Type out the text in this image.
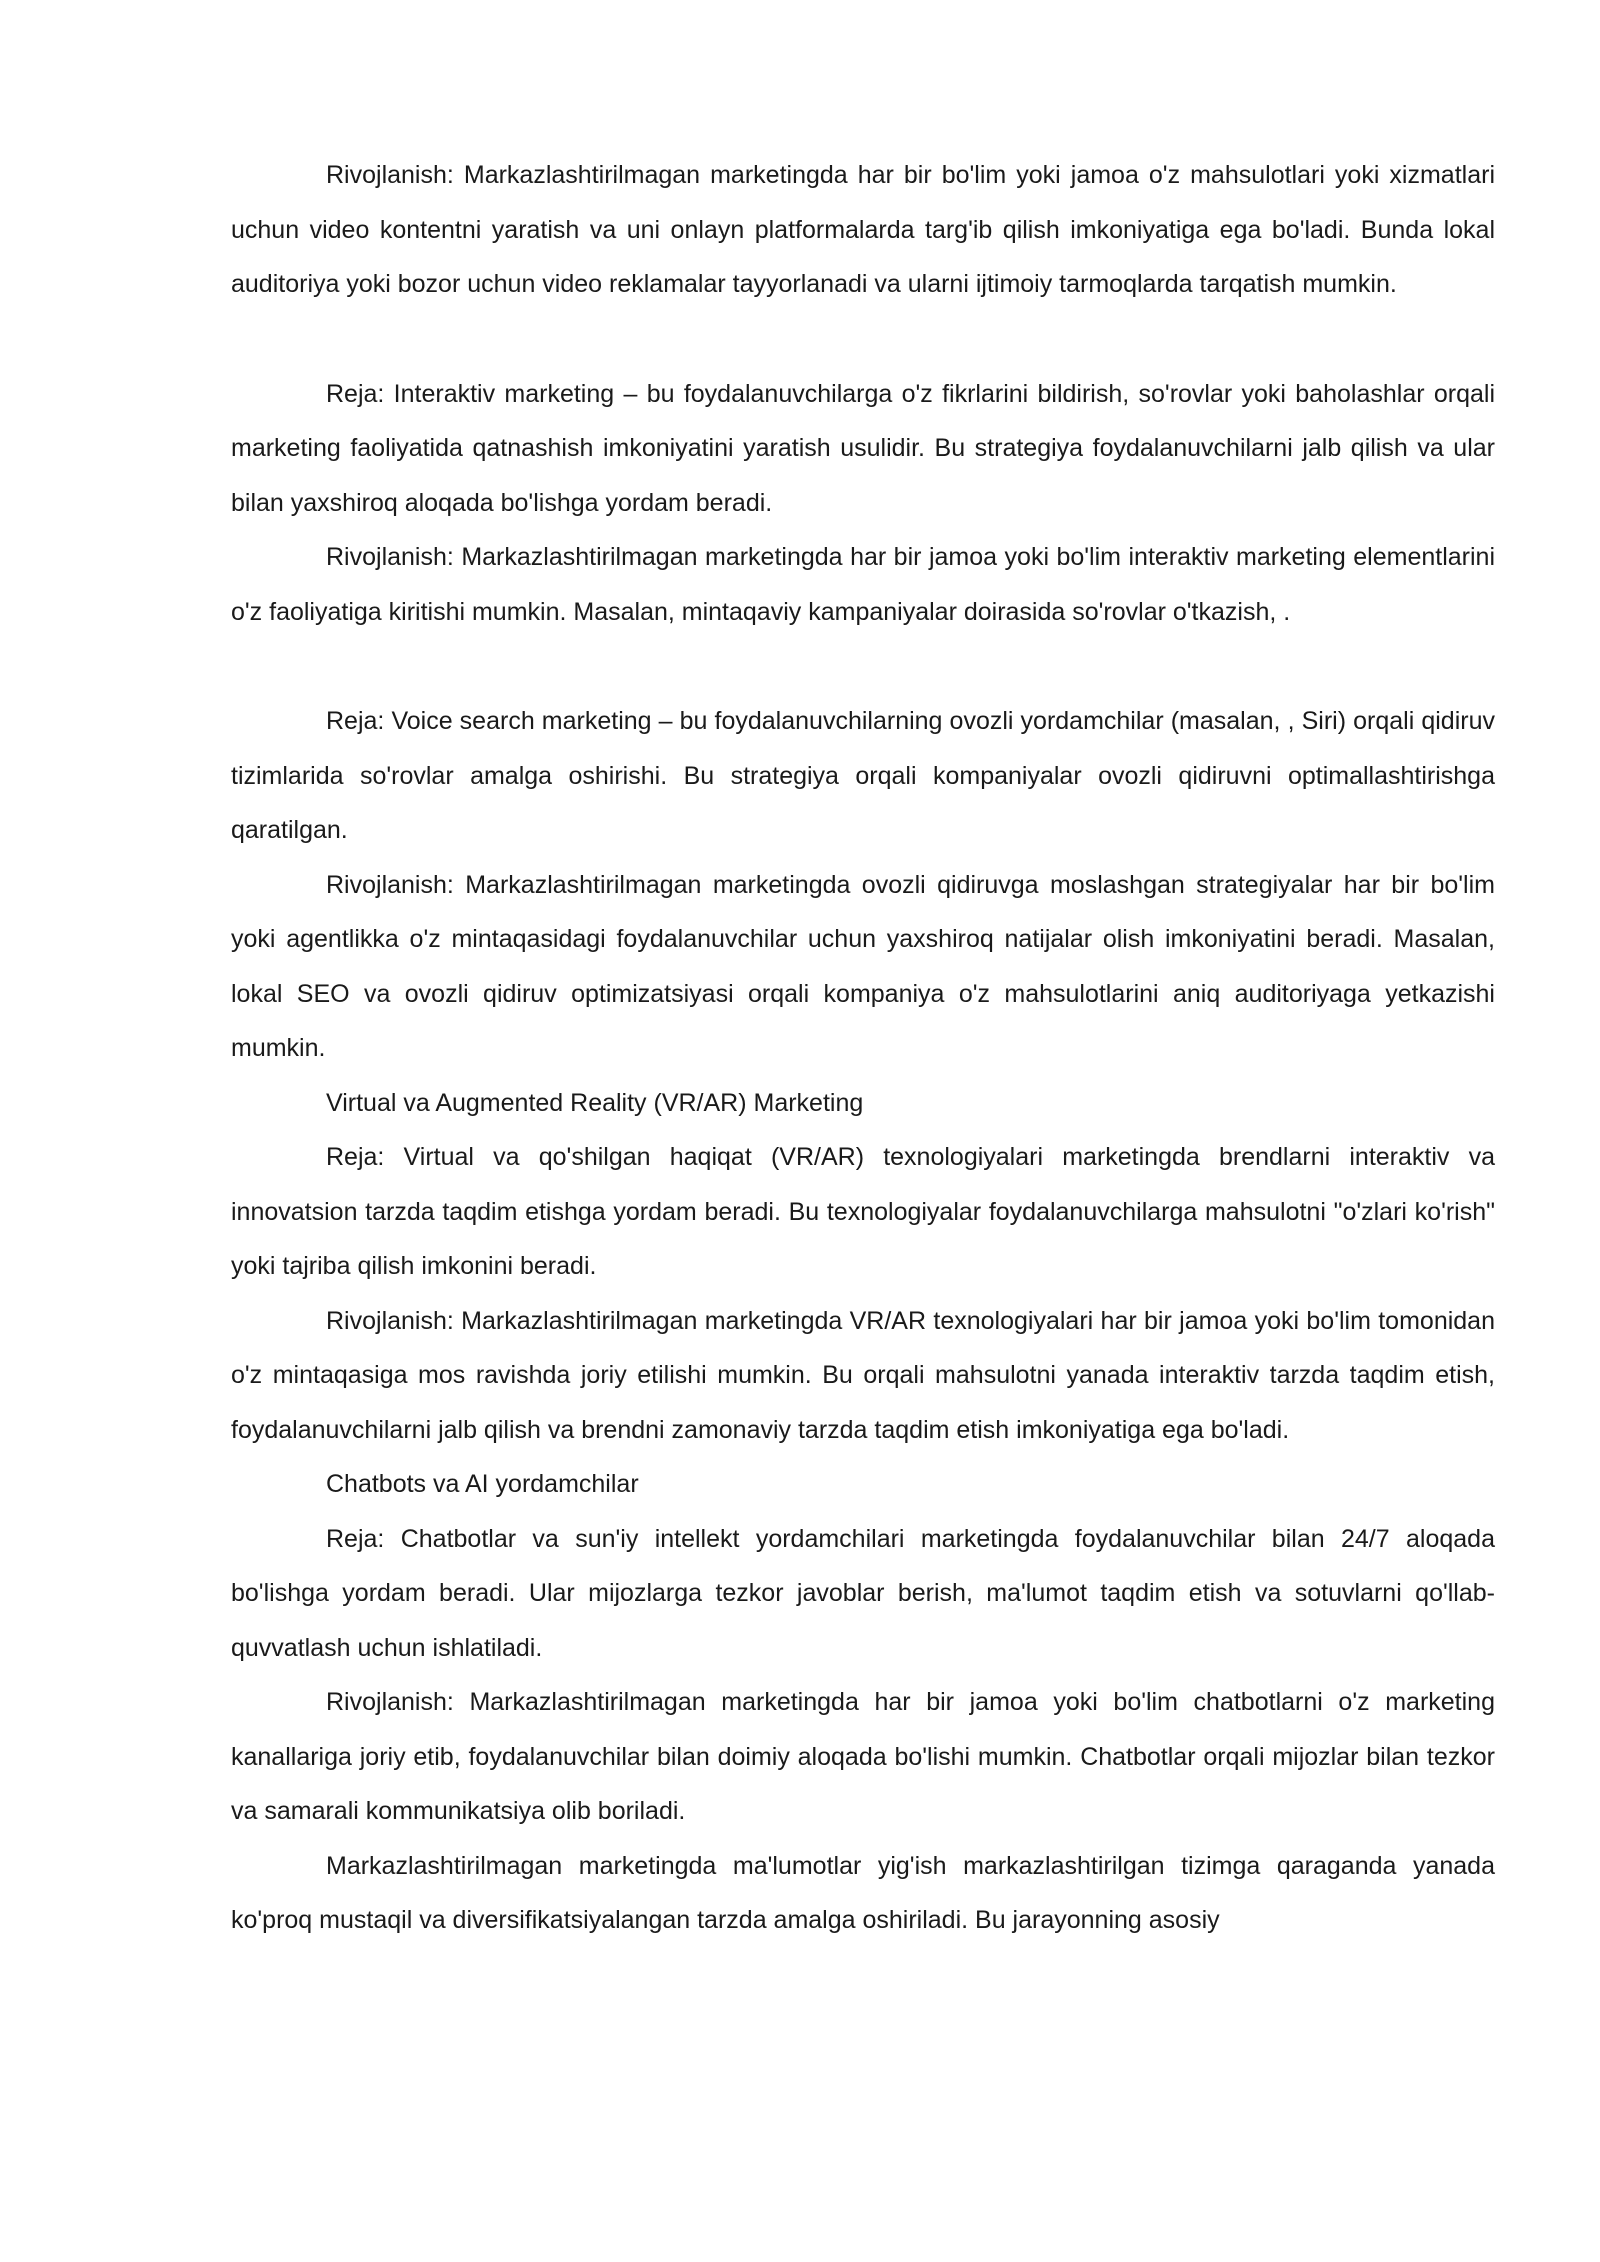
Rivojlanish: Markazlashtirilmagan marketingda har bir bo'lim yoki jamoa o'z mahsulotlari yoki xizmatlari uchun video kontentni yaratish va uni onlayn platformalarda targ'ib qilish imkoniyatiga ega bo'ladi. Bunda lokal auditoriya yoki bozor uchun video reklamalar tayyorlanadi va ularni ijtimoiy tarmoqlarda tarqatish mumkin.

Reja: Interaktiv marketing – bu foydalanuvchilarga o'z fikrlarini bildirish, so'rovlar yoki baholashlar orqali marketing faoliyatida qatnashish imkoniyatini yaratish usulidir. Bu strategiya foydalanuvchilarni jalb qilish va ular bilan yaxshiroq aloqada bo'lishga yordam beradi.

Rivojlanish: Markazlashtirilmagan marketingda har bir jamoa yoki bo'lim interaktiv marketing elementlarini o'z faoliyatiga kiritishi mumkin. Masalan, mintaqaviy kampaniyalar doirasida so'rovlar o'tkazish, .

Reja: Voice search marketing – bu foydalanuvchilarning ovozli yordamchilar (masalan, , Siri) orqali qidiruv tizimlarida so'rovlar amalga oshirishi. Bu strategiya orqali kompaniyalar ovozli qidiruvni optimallashtirishga qaratilgan.

Rivojlanish: Markazlashtirilmagan marketingda ovozli qidiruvga moslashgan strategiyalar har bir bo'lim yoki agentlikka o'z mintaqasidagi foydalanuvchilar uchun yaxshiroq natijalar olish imkoniyatini beradi. Masalan, lokal SEO va ovozli qidiruv optimizatsiyasi orqali kompaniya o'z mahsulotlarini aniq auditoriyaga yetkazishi mumkin.

Virtual va Augmented Reality (VR/AR) Marketing

Reja: Virtual va qo'shilgan haqiqat (VR/AR) texnologiyalari marketingda brendlarni interaktiv va innovatsion tarzda taqdim etishga yordam beradi. Bu texnologiyalar foydalanuvchilarga mahsulotni "o'zlari ko'rish" yoki tajriba qilish imkonini beradi.

Rivojlanish: Markazlashtirilmagan marketingda VR/AR texnologiyalari har bir jamoa yoki bo'lim tomonidan o'z mintaqasiga mos ravishda joriy etilishi mumkin. Bu orqali mahsulotni yanada interaktiv tarzda taqdim etish, foydalanuvchilarni jalb qilish va brendni zamonaviy tarzda taqdim etish imkoniyatiga ega bo'ladi.

Chatbots va AI yordamchilar

Reja: Chatbotlar va sun'iy intellekt yordamchilari marketingda foydalanuvchilar bilan 24/7 aloqada bo'lishga yordam beradi. Ular mijozlarga tezkor javoblar berish, ma'lumot taqdim etish va sotuvlarni qo'llab-quvvatlash uchun ishlatiladi.

Rivojlanish: Markazlashtirilmagan marketingda har bir jamoa yoki bo'lim chatbotlarni o'z marketing kanallariga joriy etib, foydalanuvchilar bilan doimiy aloqada bo'lishi mumkin. Chatbotlar orqali mijozlar bilan tezkor va samarali kommunikatsiya olib boriladi.

Markazlashtirilmagan marketingda ma'lumotlar yig'ish markazlashtirilgan tizimga qaraganda yanada ko'proq mustaqil va diversifikatsiyalangan tarzda amalga oshiriladi. Bu jarayonning asosiy
